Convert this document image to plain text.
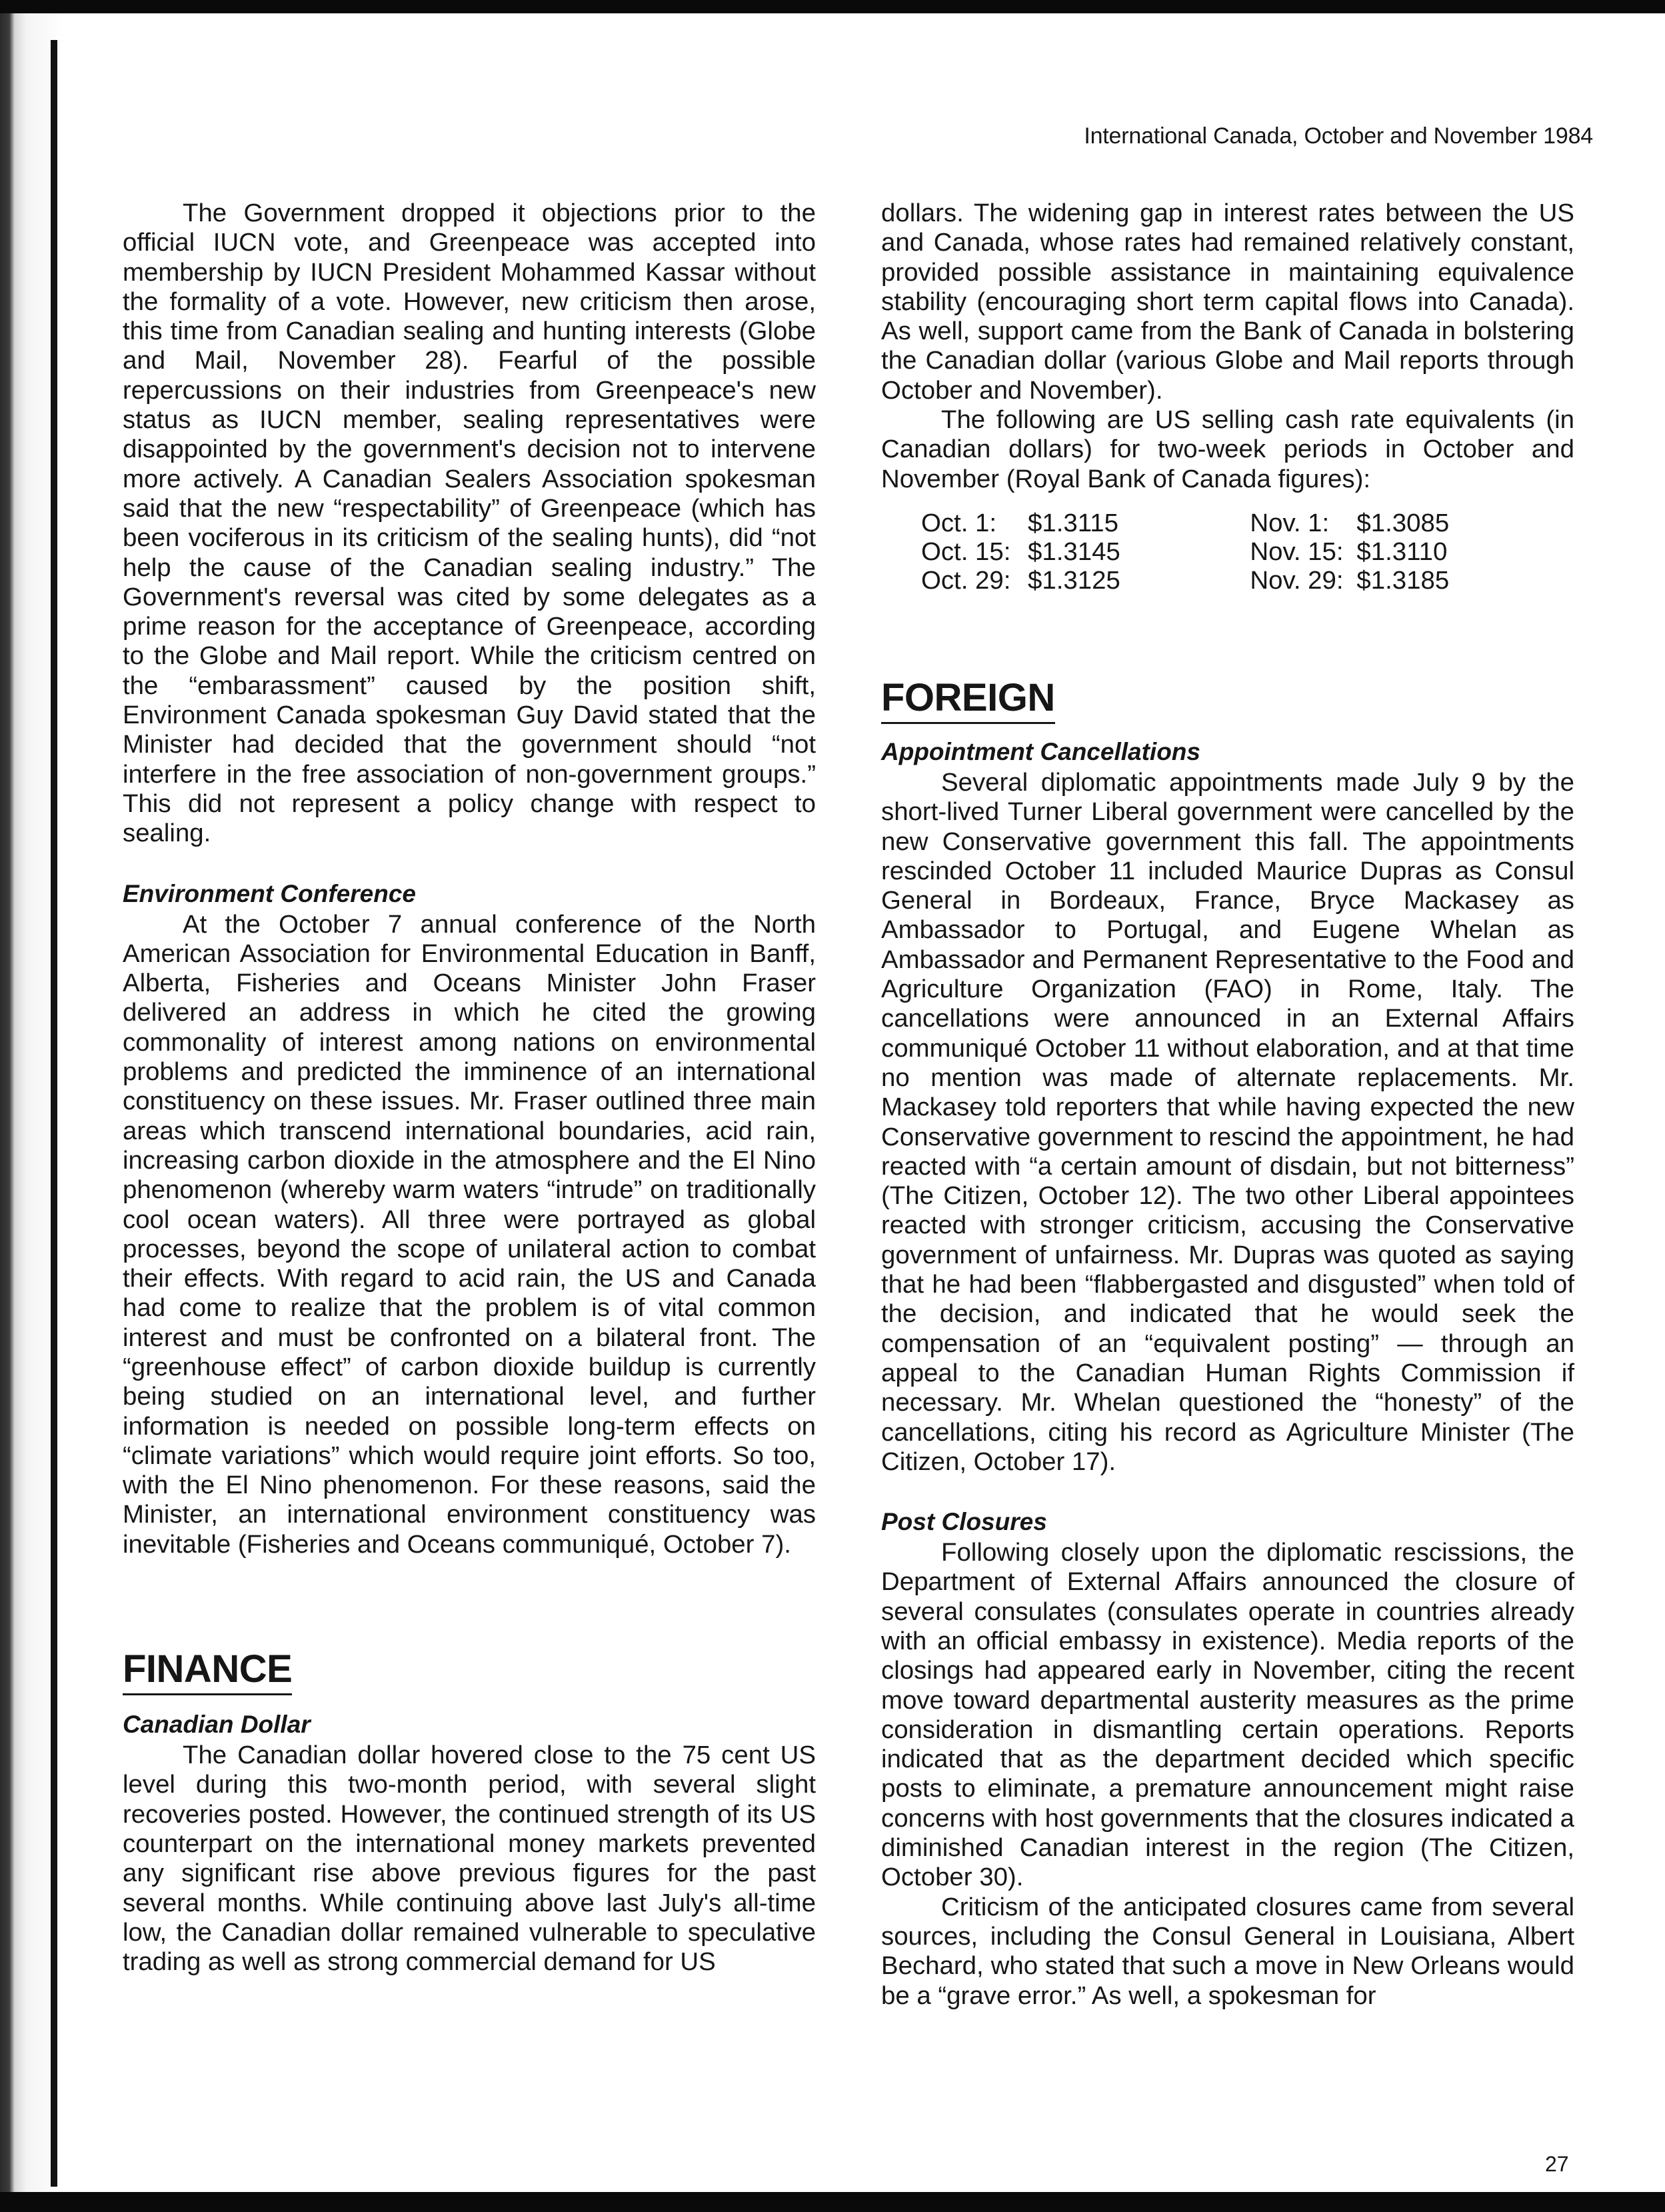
International Canada, October and November 1984

The Government dropped it objections prior to the official IUCN vote, and Greenpeace was accepted into membership by IUCN President Mohammed Kassar without the formality of a vote. However, new criticism then arose, this time from Canadian sealing and hunting interests (Globe and Mail, November 28). Fearful of the possible repercussions on their industries from Greenpeace's new status as IUCN member, sealing representatives were disappointed by the government's decision not to intervene more actively. A Canadian Sealers Association spokesman said that the new “respectability” of Greenpeace (which has been vociferous in its criticism of the sealing hunts), did “not help the cause of the Canadian sealing industry.” The Government's reversal was cited by some delegates as a prime reason for the acceptance of Greenpeace, according to the Globe and Mail report. While the criticism centred on the “embarassment” caused by the position shift, Environment Canada spokesman Guy David stated that the Minister had decided that the government should “not interfere in the free association of non-government groups.” This did not represent a policy change with respect to sealing.

Environment Conference

At the October 7 annual conference of the North American Association for Environmental Education in Banff, Alberta, Fisheries and Oceans Minister John Fraser delivered an address in which he cited the growing commonality of interest among nations on environmental problems and predicted the imminence of an international constituency on these issues. Mr. Fraser outlined three main areas which transcend international boundaries, acid rain, increasing carbon dioxide in the atmosphere and the El Nino phenomenon (whereby warm waters “intrude” on traditionally cool ocean waters). All three were portrayed as global processes, beyond the scope of unilateral action to combat their effects. With regard to acid rain, the US and Canada had come to realize that the problem is of vital common interest and must be confronted on a bilateral front. The “greenhouse effect” of carbon dioxide buildup is currently being studied on an international level, and further information is needed on possible long-term effects on “climate variations” which would require joint efforts. So too, with the El Nino phenomenon. For these reasons, said the Minister, an international environment constituency was inevitable (Fisheries and Oceans communiqué, October 7).

FINANCE
Canadian Dollar

The Canadian dollar hovered close to the 75 cent US level during this two-month period, with several slight recoveries posted. However, the continued strength of its US counterpart on the international money markets prevented any significant rise above previous figures for the past several months. While continuing above last July's all-time low, the Canadian dollar remained vulnerable to speculative trading as well as strong commercial demand for US

dollars. The widening gap in interest rates between the US and Canada, whose rates had remained relatively constant, provided possible assistance in maintaining equivalence stability (encouraging short term capital flows into Canada). As well, support came from the Bank of Canada in bolstering the Canadian dollar (various Globe and Mail reports through October and November).

The following are US selling cash rate equivalents (in Canadian dollars) for two-week periods in October and November (Royal Bank of Canada figures):

Oct. 1:	$1.3115	Nov. 1:	$1.3085
Oct. 15: $1.3145	Nov. 15: $1.3110
Oct. 29: $1.3125	Nov. 29: $1.3185
FOREIGN
Appointment Cancellations

Several diplomatic appointments made July 9 by the short-lived Turner Liberal government were cancelled by the new Conservative government this fall. The appointments rescinded October 11 included Maurice Dupras as Consul General in Bordeaux, France, Bryce Mackasey as Ambassador to Portugal, and Eugene Whelan as Ambassador and Permanent Representative to the Food and Agriculture Organization (FAO) in Rome, Italy. The cancellations were announced in an External Affairs communiqué October 11 without elaboration, and at that time no mention was made of alternate replacements. Mr. Mackasey told reporters that while having expected the new Conservative government to rescind the appointment, he had reacted with “a certain amount of disdain, but not bitterness” (The Citizen, October 12). The two other Liberal appointees reacted with stronger criticism, accusing the Conservative government of unfairness. Mr. Dupras was quoted as saying that he had been “flabbergasted and disgusted” when told of the decision, and indicated that he would seek the compensation of an “equivalent posting” — through an appeal to the Canadian Human Rights Commission if necessary. Mr. Whelan questioned the “honesty” of the cancellations, citing his record as Agriculture Minister (The Citizen, October 17).

Post Closures

Following closely upon the diplomatic rescissions, the Department of External Affairs announced the closure of several consulates (consulates operate in countries already with an official embassy in existence). Media reports of the closings had appeared early in November, citing the recent move toward departmental austerity measures as the prime consideration in dismantling certain operations. Reports indicated that as the department decided which specific posts to eliminate, a premature announcement might raise concerns with host governments that the closures indicated a diminished Canadian interest in the region (The Citizen, October 30).

Criticism of the anticipated closures came from several sources, including the Consul General in Louisiana, Albert Bechard, who stated that such a move in New Orleans would be a “grave error.” As well, a spokesman for

27
